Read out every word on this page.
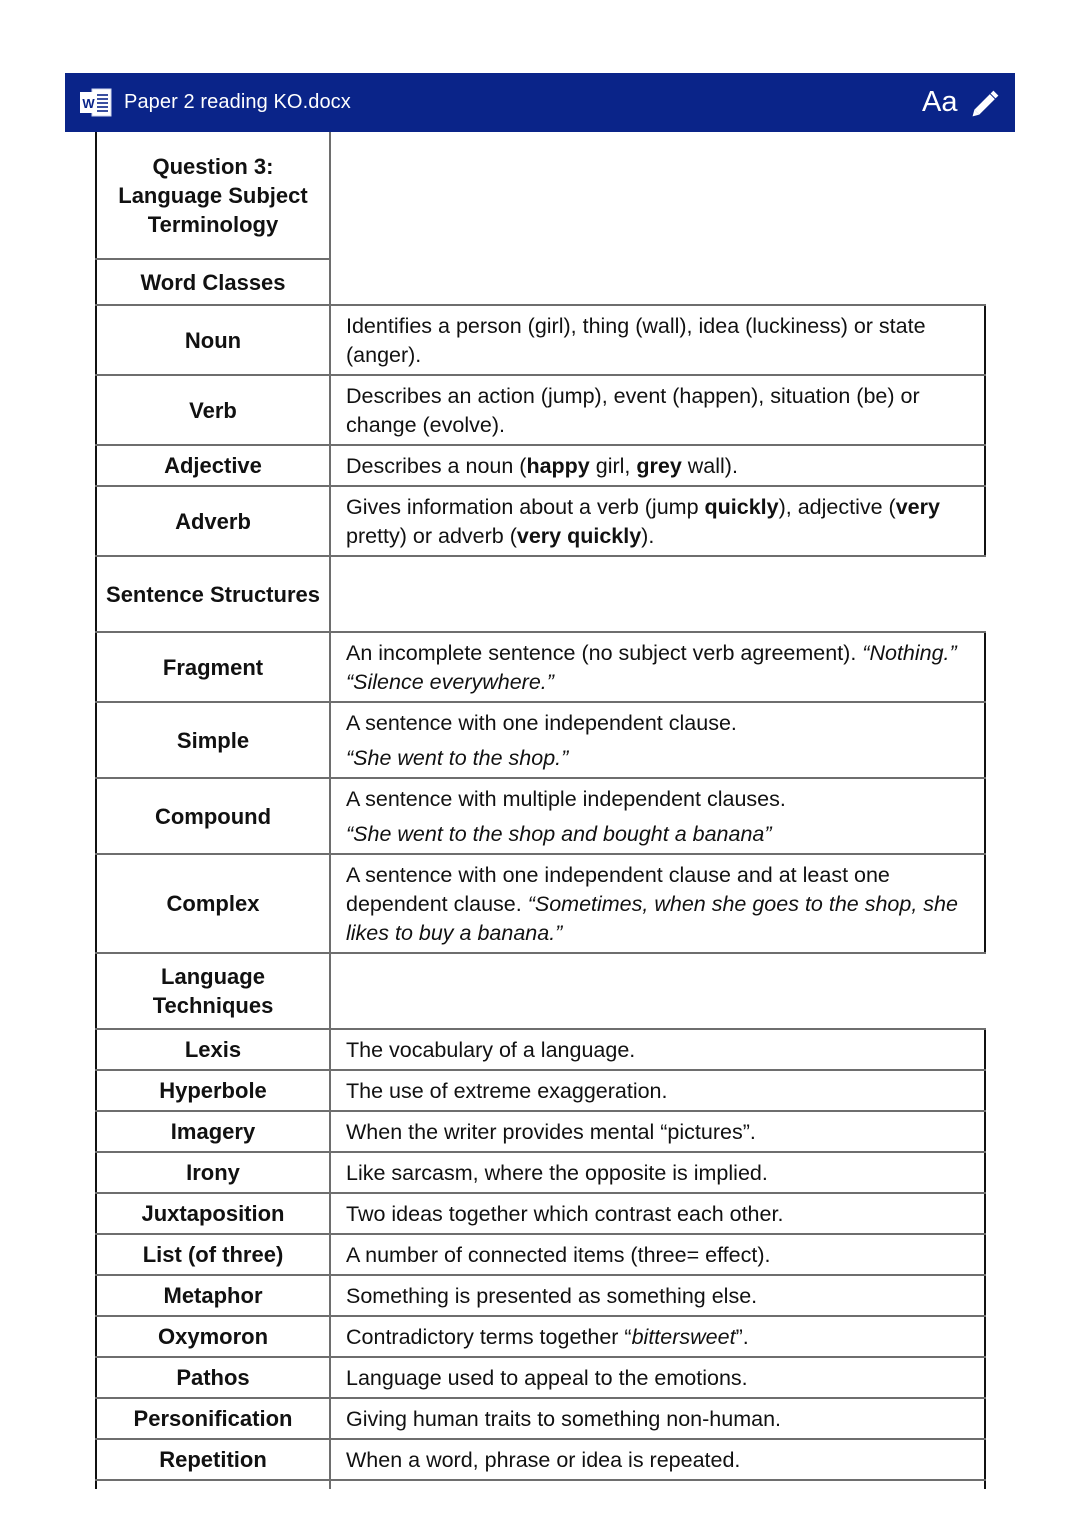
W Paper 2 reading KO.docx	Aa
Question 3: Language Subject Terminology	
Word Classes	
Noun	Identifies a person (girl), thing (wall), idea (luckiness) or state (anger).
Verb	Describes an action (jump), event (happen), situation (be) or change (evolve).
Adjective	Describes a noun (happy girl, grey wall).
Adverb	Gives information about a verb (jump quickly), adjective (very pretty) or adverb (very quickly).
Sentence Structures	
Fragment	An incomplete sentence (no subject verb agreement). “Nothing.” “Silence everywhere.”
Simple	A sentence with one independent clause.
“She went to the shop.”

Compound	A sentence with multiple independent clauses.
“She went to the shop and bought a banana”

Complex	A sentence with one independent clause and at least one dependent clause. “Sometimes, when she goes to the shop, she likes to buy a banana.”
Language Techniques	
Lexis	The vocabulary of a language.
Hyperbole	The use of extreme exaggeration.
Imagery	When the writer provides mental “pictures”.
Irony	Like sarcasm, where the opposite is implied.
Juxtaposition	Two ideas together which contrast each other.
List (of three)	A number of connected items (three= effect).
Metaphor	Something is presented as something else.
Oxymoron	Contradictory terms together “bittersweet”.
Pathos	Language used to appeal to the emotions.
Personification	Giving human traits to something non-human.
Repetition	When a word, phrase or idea is repeated.
